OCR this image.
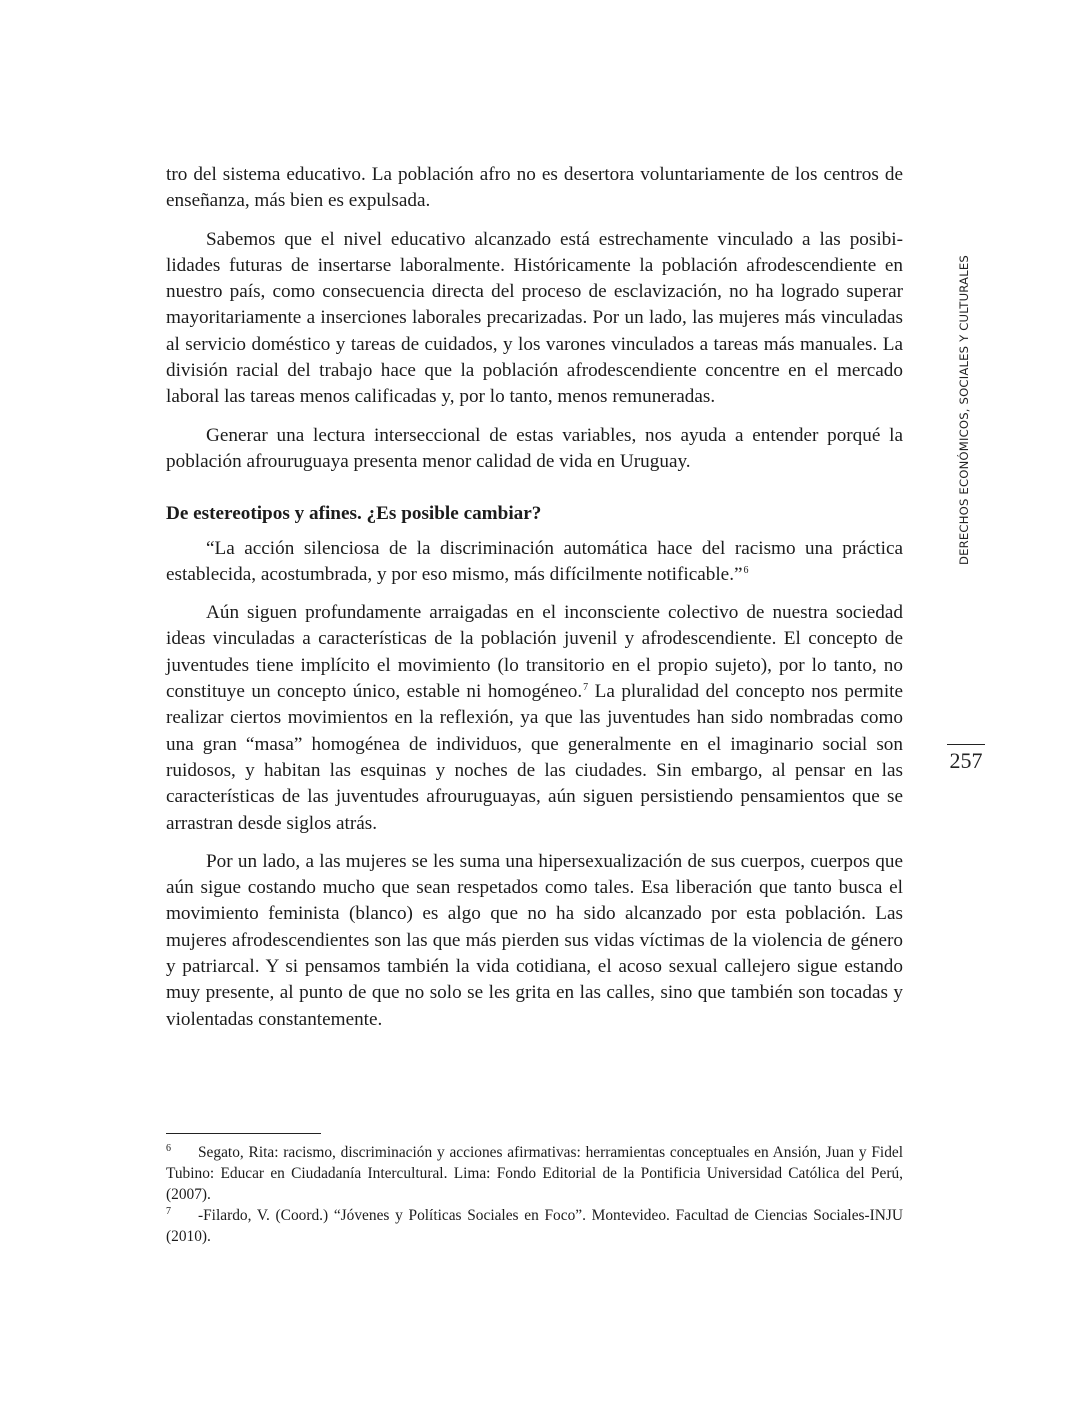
tro del sistema educativo. La población afro no es desertora voluntariamente de los centros de enseñanza, más bien es expulsada.

Sabemos que el nivel educativo alcanzado está estrechamente vinculado a las posibilidades futuras de insertarse laboralmente. Históricamente la población afrodescendiente en nuestro país, como consecuencia directa del proceso de esclavización, no ha logrado superar mayoritariamente a inserciones laborales precarizadas. Por un lado, las mujeres más vinculadas al servicio doméstico y tareas de cuidados, y los varones vinculados a tareas más manuales. La división racial del trabajo hace que la población afrodescendiente concentre en el mercado laboral las tareas menos calificadas y, por lo tanto, menos remuneradas.

Generar una lectura interseccional de estas variables, nos ayuda a entender porqué la población afrouruguaya presenta menor calidad de vida en Uruguay.

De estereotipos y afines. ¿Es posible cambiar?

“La acción silenciosa de la discriminación automática hace del racismo una práctica establecida, acostumbrada, y por eso mismo, más difícilmente notificable.”$^6$

Aún siguen profundamente arraigadas en el inconsciente colectivo de nuestra sociedad ideas vinculadas a características de la población juvenil y afrodescendiente. El concepto de juventudes tiene implícito el movimiento (lo transitorio en el propio sujeto), por lo tanto, no constituye un concepto único, estable ni homogéneo.$^7$ La pluralidad del concepto nos permite realizar ciertos movimientos en la reflexión, ya que las juventudes han sido nombradas como una gran “masa” homogénea de individuos, que generalmente en el imaginario social son ruidosos, y habitan las esquinas y noches de las ciudades. Sin embargo, al pensar en las características de las juventudes afrouruguayas, aún siguen persistiendo pensamientos que se arrastran desde siglos atrás.

Por un lado, a las mujeres se les suma una hipersexualización de sus cuerpos, cuerpos que aún sigue costando mucho que sean respetados como tales. Esa liberación que tanto busca el movimiento feminista (blanco) es algo que no ha sido alcanzado por esta población. Las mujeres afrodescendientes son las que más pierden sus vidas víctimas de la violencia de género y patriarcal. Y si pensamos también la vida cotidiana, el acoso sexual callejero sigue estando muy presente, al punto de que no solo se les grita en las calles, sino que también son tocadas y violentadas constantemente.

DERECHOS ECONÓMICOS, SOCIALES Y CULTURALES
257

6 Segato, Rita: racismo, discriminación y acciones afirmativas: herramientas conceptuales en Ansión, Juan y Fidel Tubino: Educar en Ciudadanía Intercultural. Lima: Fondo Editorial de la Pontificia Universidad Católica del Perú, (2007).

7 -Filardo, V. (Coord.) “Jóvenes y Políticas Sociales en Foco”. Montevideo. Facultad de Ciencias Sociales-INJU (2010).
